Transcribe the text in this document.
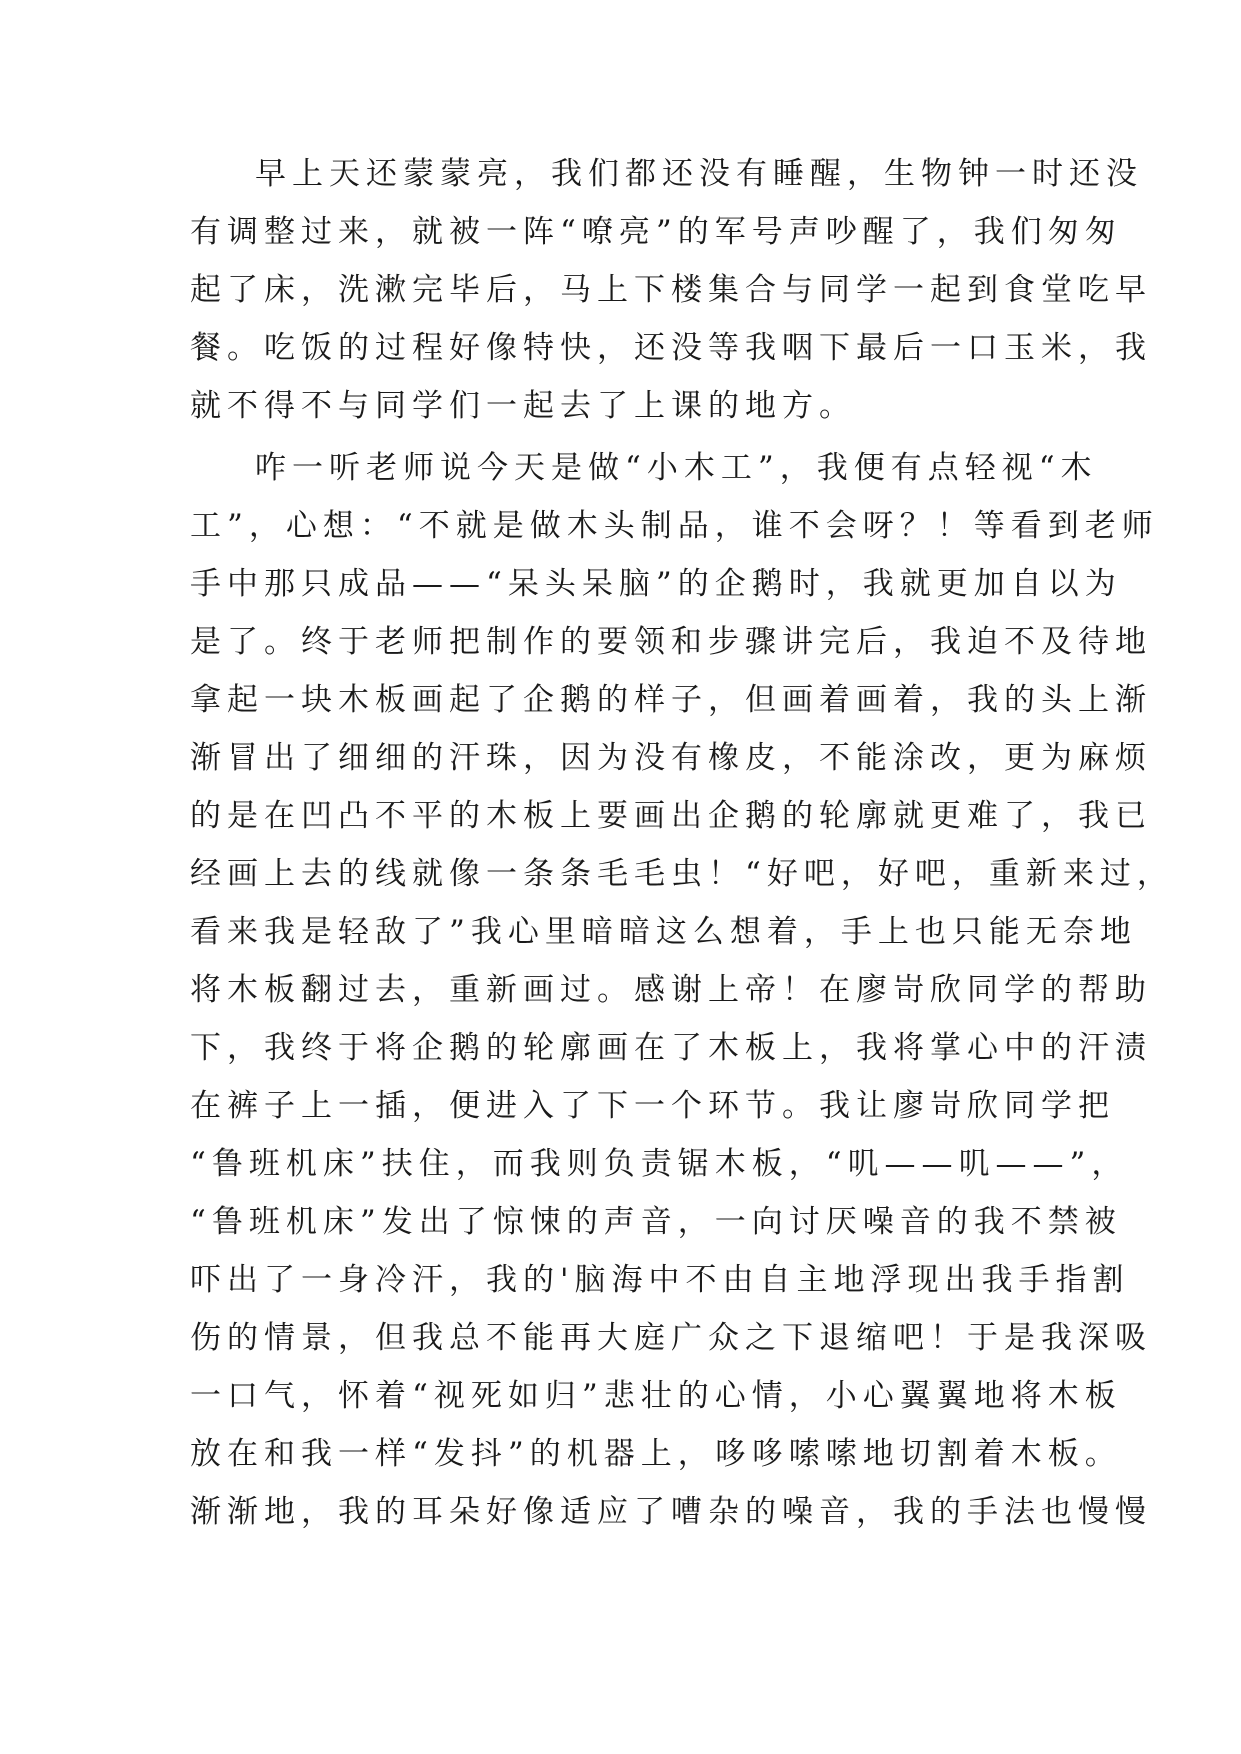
早上天还蒙蒙亮，我们都还没有睡醒，生物钟一时还没
有调整过来，就被一阵“嘹亮”的军号声吵醒了，我们匆匆
起了床，洗漱完毕后，马上下楼集合与同学一起到食堂吃早
餐。吃饭的过程好像特快，还没等我咽下最后一口玉米，我
就不得不与同学们一起去了上课的地方。
咋一听老师说今天是做“小木工”，我便有点轻视“木
工”，心想：“不就是做木头制品，谁不会呀？！等看到老师
手中那只成品——“呆头呆脑”的企鹅时，我就更加自以为
是了。终于老师把制作的要领和步骤讲完后，我迫不及待地
拿起一块木板画起了企鹅的样子，但画着画着，我的头上渐
渐冒出了细细的汗珠，因为没有橡皮，不能涂改，更为麻烦
的是在凹凸不平的木板上要画出企鹅的轮廓就更难了，我已
经画上去的线就像一条条毛毛虫！“好吧，好吧，重新来过，
看来我是轻敌了”我心里暗暗这么想着，手上也只能无奈地
将木板翻过去，重新画过。感谢上帝！在廖岢欣同学的帮助
下，我终于将企鹅的轮廓画在了木板上，我将掌心中的汗渍
在裤子上一插，便进入了下一个环节。我让廖岢欣同学把
“鲁班机床”扶住，而我则负责锯木板，“叽——叽——”，
“鲁班机床”发出了惊悚的声音，一向讨厌噪音的我不禁被
吓出了一身冷汗，我的'脑海中不由自主地浮现出我手指割
伤的情景，但我总不能再大庭广众之下退缩吧！于是我深吸
一口气，怀着“视死如归”悲壮的心情，小心翼翼地将木板
放在和我一样“发抖”的机器上，哆哆嗦嗦地切割着木板。
渐渐地，我的耳朵好像适应了嘈杂的噪音，我的手法也慢慢
